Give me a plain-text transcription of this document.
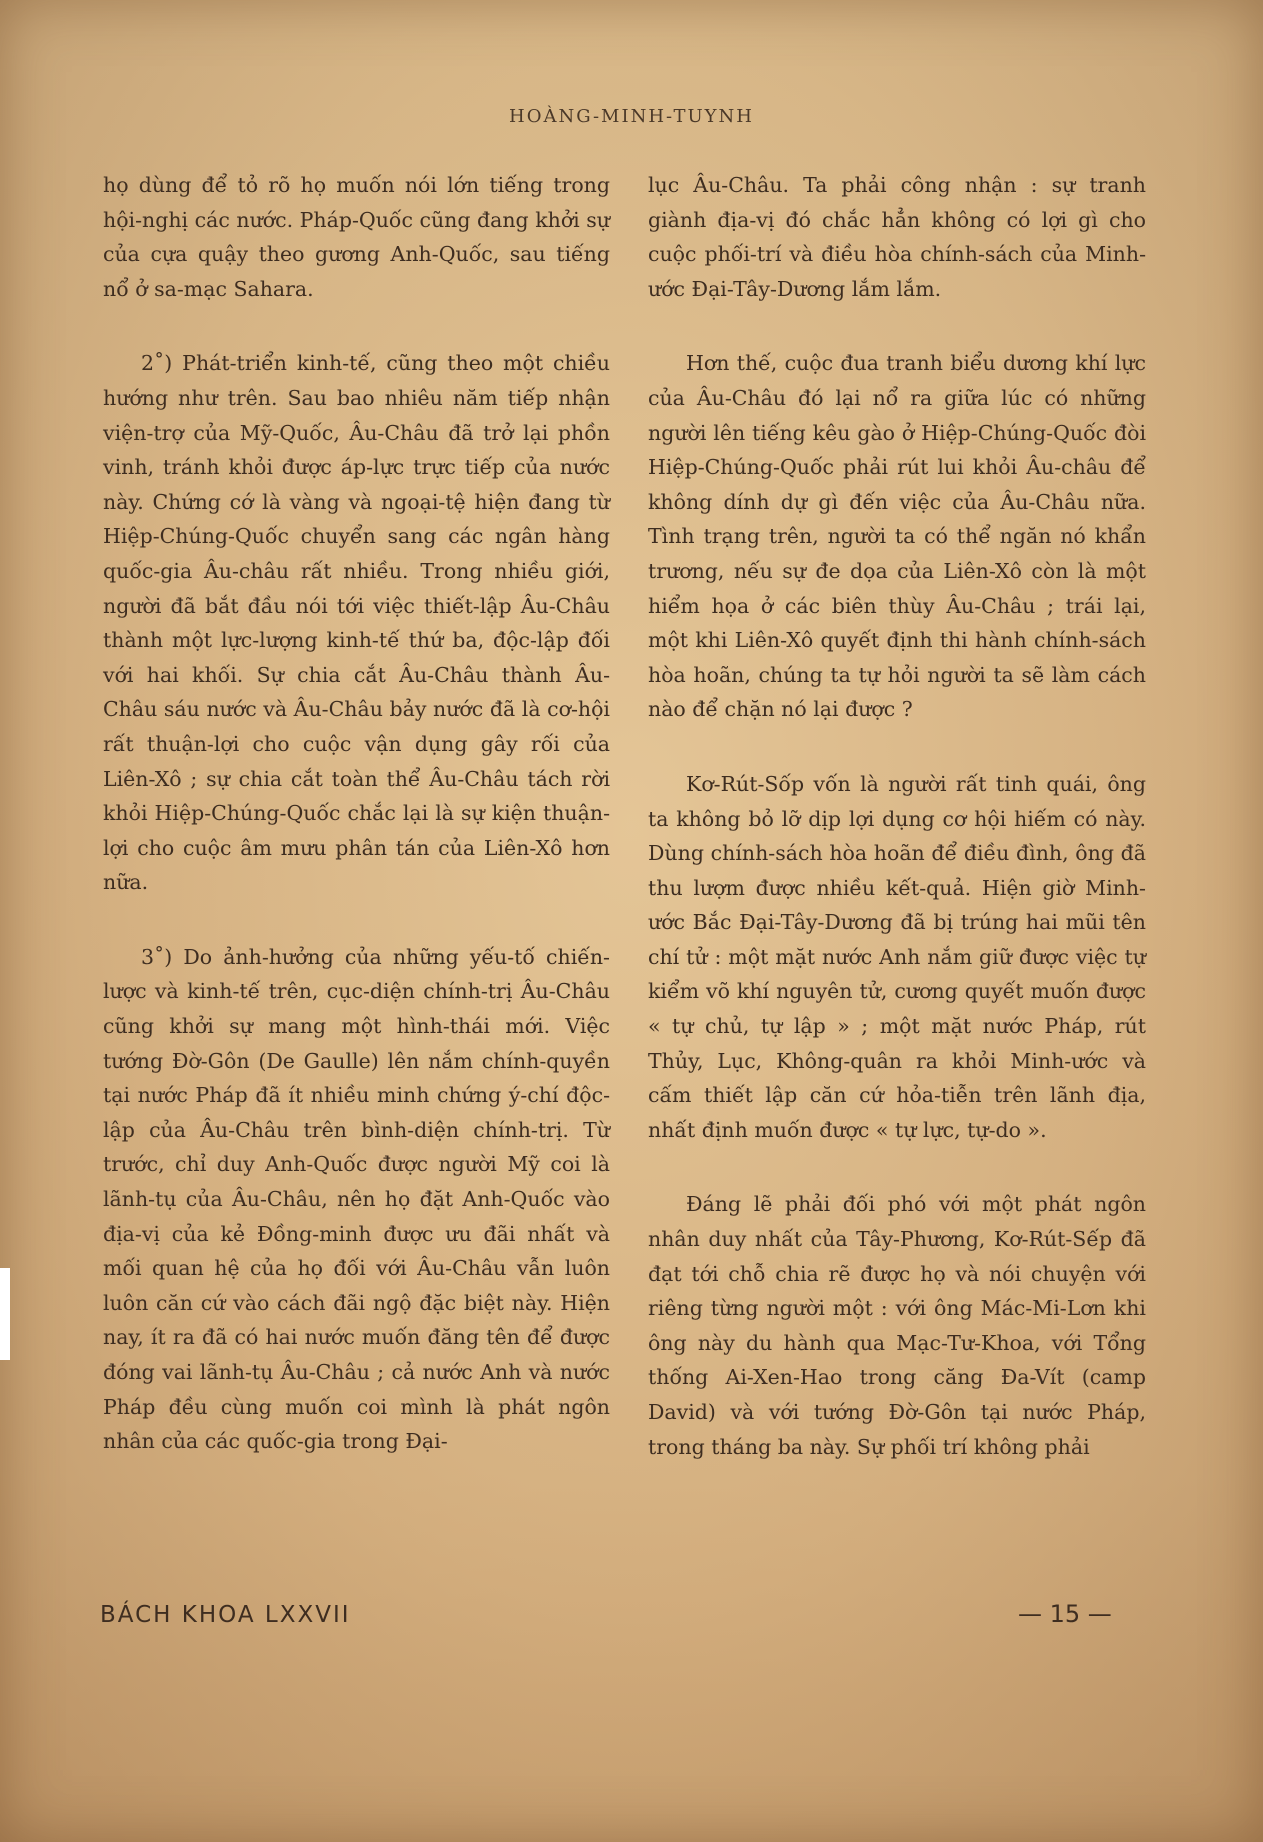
HOÀNG-MINH-TUYNH

họ dùng để tỏ rõ họ muốn nói lớn tiếng trong hội-nghị các nước. Pháp-Quốc cũng đang khởi sự của cựa quậy theo gương Anh-Quốc, sau tiếng nổ ở sa-mạc Sahara.

2˚) Phát-triển kinh-tế, cũng theo một chiều hướng như trên. Sau bao nhiêu năm tiếp nhận viện-trợ của Mỹ-Quốc, Âu-Châu đã trở lại phồn vinh, tránh khỏi được áp-lực trực tiếp của nước này. Chứng cớ là vàng và ngoại-tệ hiện đang từ Hiệp-Chúng-Quốc chuyển sang các ngân hàng quốc-gia Âu-châu rất nhiều. Trong nhiều giới, người đã bắt đầu nói tới việc thiết-lập Âu-Châu thành một lực-lượng kinh-tế thứ ba, độc-lập đối với hai khối. Sự chia cắt Âu-Châu thành Âu-Châu sáu nước và Âu-Châu bảy nước đã là cơ-hội rất thuận-lợi cho cuộc vận dụng gây rối của Liên-Xô ; sự chia cắt toàn thể Âu-Châu tách rời khỏi Hiệp-Chúng-Quốc chắc lại là sự kiện thuận-lợi cho cuộc âm mưu phân tán của Liên-Xô hơn nữa.

3˚) Do ảnh-hưởng của những yếu-tố chiến-lược và kinh-tế trên, cục-diện chính-trị Âu-Châu cũng khởi sự mang một hình-thái mới. Việc tướng Đờ-Gôn (De Gaulle) lên nắm chính-quyền tại nước Pháp đã ít nhiều minh chứng ý-chí độc-lập của Âu-Châu trên bình-diện chính-trị. Từ trước, chỉ duy Anh-Quốc được người Mỹ coi là lãnh-tụ của Âu-Châu, nên họ đặt Anh-Quốc vào địa-vị của kẻ Đồng-minh được ưu đãi nhất và mối quan hệ của họ đối với Âu-Châu vẫn luôn luôn căn cứ vào cách đãi ngộ đặc biệt này. Hiện nay, ít ra đã có hai nước muốn đăng tên để được đóng vai lãnh-tụ Âu-Châu ; cả nước Anh và nước Pháp đều cùng muốn coi mình là phát ngôn nhân của các quốc-gia trong Đại-

lục Âu-Châu. Ta phải công nhận : sự tranh giành địa-vị đó chắc hẳn không có lợi gì cho cuộc phối-trí và điều hòa chính-sách của Minh-ước Đại-Tây-Dương lắm lắm.

Hơn thế, cuộc đua tranh biểu dương khí lực của Âu-Châu đó lại nổ ra giữa lúc có những người lên tiếng kêu gào ở Hiệp-Chúng-Quốc đòi Hiệp-Chúng-Quốc phải rút lui khỏi Âu-châu để không dính dự gì đến việc của Âu-Châu nữa. Tình trạng trên, người ta có thể ngăn nó khẩn trương, nếu sự đe dọa của Liên-Xô còn là một hiểm họa ở các biên thùy Âu-Châu ; trái lại, một khi Liên-Xô quyết định thi hành chính-sách hòa hoãn, chúng ta tự hỏi người ta sẽ làm cách nào để chặn nó lại được ?

Kơ-Rút-Sốp vốn là người rất tinh quái, ông ta không bỏ lỡ dịp lợi dụng cơ hội hiếm có này. Dùng chính-sách hòa hoãn để điều đình, ông đã thu lượm được nhiều kết-quả. Hiện giờ Minh-ước Bắc Đại-Tây-Dương đã bị trúng hai mũi tên chí tử : một mặt nước Anh nắm giữ được việc tự kiểm võ khí nguyên tử, cương quyết muốn được « tự chủ, tự lập » ; một mặt nước Pháp, rút Thủy, Lục, Không-quân ra khỏi Minh-ước và cấm thiết lập căn cứ hỏa-tiễn trên lãnh địa, nhất định muốn được « tự lực, tự-do ».

Đáng lẽ phải đối phó với một phát ngôn nhân duy nhất của Tây-Phương, Kơ-Rút-Sếp đã đạt tới chỗ chia rẽ được họ và nói chuyện với riêng từng người một : với ông Mác-Mi-Lơn khi ông này du hành qua Mạc-Tư-Khoa, với Tổng thống Ai-Xen-Hao trong căng Đa-Vít (camp David) và với tướng Đờ-Gôn tại nước Pháp, trong tháng ba này. Sự phối trí không phải

BÁCH KHOA LXXVII	— 15 —
